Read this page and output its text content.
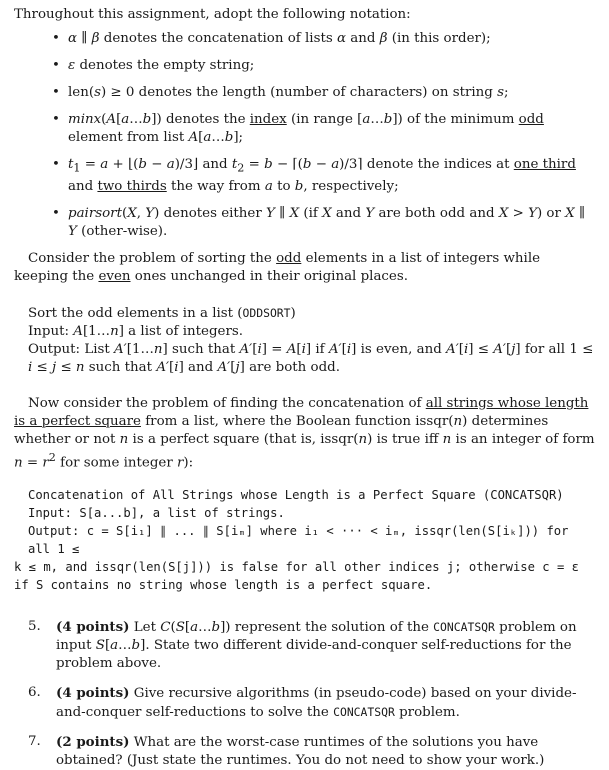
Throughout this assignment, adopt the following notation:

• α ∥ β denotes the concatenation of lists α and β (in this order);
• ε denotes the empty string;
• len(s) ≥ 0 denotes the length (number of characters) on string s;
• minx(A[a…b]) denotes the index (in range [a…b]) of the minimum odd element from list A[a…b];
• $t_1 = a$ + ⌊(b − a)/3⌋ and $t_2 = b$ − ⌈(b − a)/3⌉ denote the indices at one third and two thirds the way from a to b, respectively;
• pairsort(X, Y) denotes either Y ∥ X (if X and Y are both odd and X > Y) or X ∥ Y (other-wise).

Consider the problem of sorting the odd elements in a list of integers while keeping the even ones unchanged in their original places.

Sort the odd elements in a list (ODDSORT)

Input: A[1…n] a list of integers.

Output: List A′[1…n] such that A′[i] = A[i] if A′[i] is even, and A′[i] ≤ A′[j] for all 1 ≤ i ≤ j ≤ n such that A′[i] and A′[j] are both odd.

Now consider the problem of finding the concatenation of all strings whose length is a perfect square from a list, where the Boolean function issqr(n) determines whether or not n is a perfect square (that is, issqr(n) is true iff n is an integer of form $n = r^2$ for some integer r):

Concatenation of All Strings whose Length is a Perfect Square (CONCATSQR)

Input: S[a...b], a list of strings.

Output: c = S[i₁] ∥ ... ∥ S[iₘ] where i₁ < ··· < iₘ, issqr(len(S[iₖ])) for all 1 ≤

k ≤ m, and issqr(len(S[j])) is false for all other indices j; otherwise c = ε

if S contains no string whose length is a perfect square.

5. (4 points) Let C(S[a…b]) represent the solution of the CONCATSQR problem on input S[a…b]. State two different divide-and-conquer self-reductions for the problem above.
6. (4 points) Give recursive algorithms (in pseudo-code) based on your divide-and-conquer self-reductions to solve the CONCATSQR problem.
7. (2 points) What are the worst-case runtimes of the solutions you have obtained? (Just state the runtimes. You do not need to show your work.)
